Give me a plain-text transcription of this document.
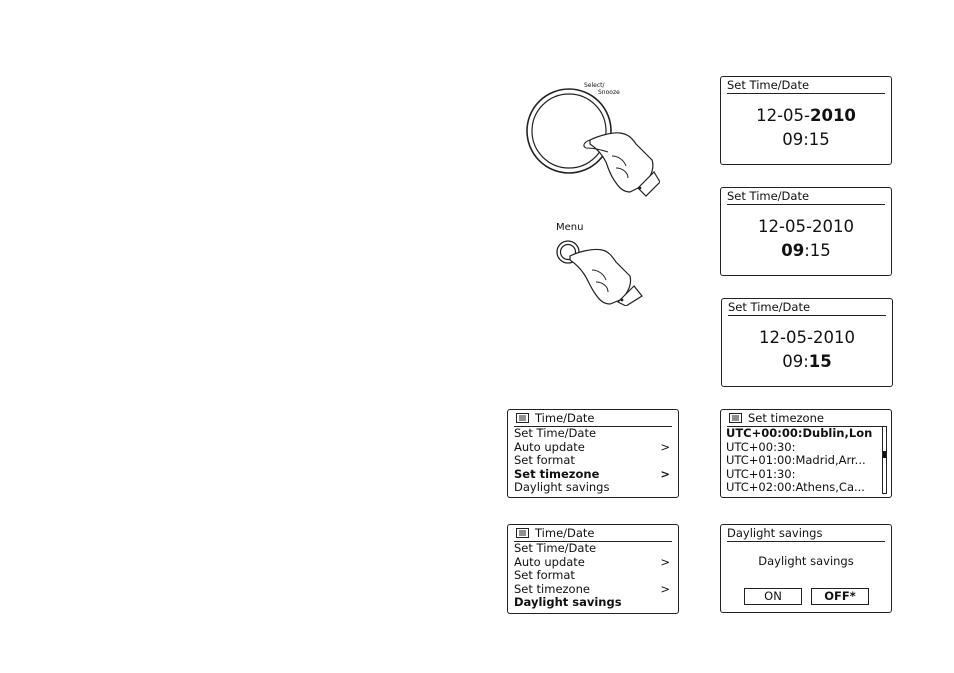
Select/
Snooze
Menu
Set Time/Date
12-05-2010
09:15
Set Time/Date
12-05-2010
09:15
Set Time/Date
12-05-2010
09:15
Time/Date
Set Time/Date
Auto update	>
Set format
Set timezone	>
Daylight savings
Set timezone
UTC+00:00:Dublin,Lon
UTC+00:30:
UTC+01:00:Madrid,Arr...
UTC+01:30:
UTC+02:00:Athens,Ca...
Time/Date
Set Time/Date
Auto update	>
Set format
Set timezone	>
Daylight savings
Daylight savings
Daylight savings
ON	OFF*
